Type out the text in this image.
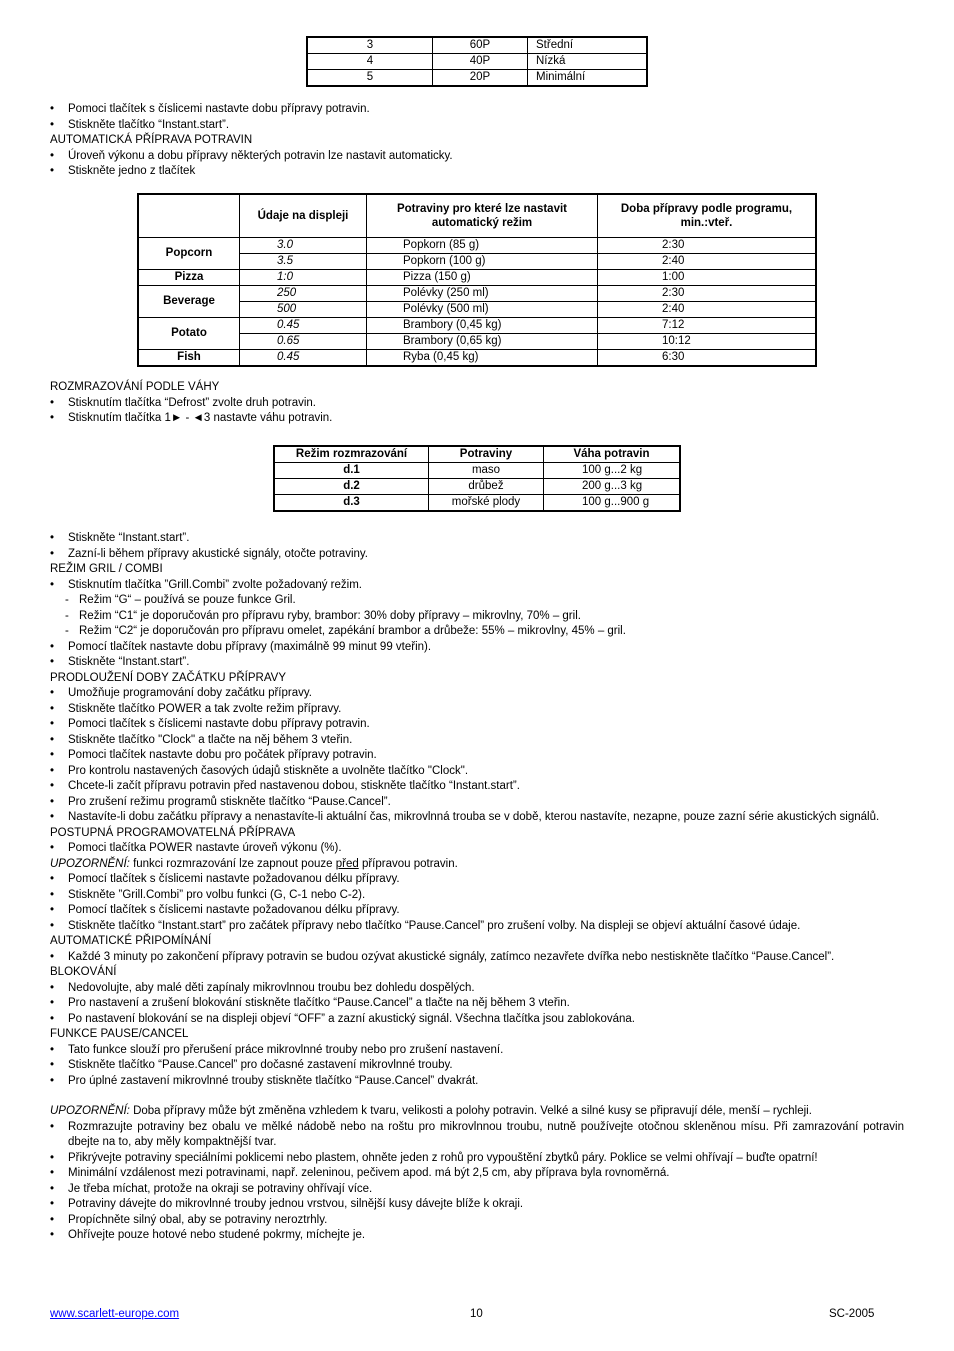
3	60P	Střední
4	40P	Nízká
5	20P	Minimální
• Pomoci tlačítek s číslicemi nastavte dobu přípravy potravin.
• Stiskněte tlačítko “Instant.start”.

AUTOMATICKÁ PŘÍPRAVA POTRAVIN

• Úroveň výkonu a dobu přípravy některých potravin lze nastavit automaticky.
• Stiskněte jedno z tlačítek
	Údaje na displeji	Potraviny pro které lze nastavit automatický režim	Doba přípravy podle programu, min.:vteř.
Popcorn	3.0	Popkorn (85 g)	2:30
	3.5	Popkorn (100 g)	2:40
Pizza	1:0	Pizza (150 g)	1:00
Beverage	250	Polévky (250 ml)	2:30
	500	Polévky (500 ml)	2:40
Potato	0.45	Brambory (0,45 kg)	7:12
	0.65	Brambory (0,65 kg)	10:12
Fish	0.45	Ryba (0,45 kg)	6:30

ROZMRAZOVÁNÍ PODLE VÁHY

• Stisknutím tlačítka “Defrost” zvolte druh potravin.
• Stisknutím tlačítka 1► - ◄3 nastavte váhu potravin.
Režim rozmrazování	Potraviny	Váha potravin
d.1	maso	100 g...2 kg
d.2	drůbež	200 g...3 kg
d.3	mořské plody	100 g...900 g
• Stiskněte “Instant.start”.
• Zazní-li během přípravy akustické signály, otočte potraviny.

REŽIM GRIL / COMBI

• Stisknutím tlačítka ”Grill.Combi” zvolte požadovaný režim.
- Režim “G“ – používá se pouze funkce Gril.
- Režim “C1“ je doporučován pro přípravu ryby, brambor: 30% doby přípravy – mikrovlny, 70% – gril.
- Režim “C2“ je doporučován pro přípravu omelet, zapékání brambor a drůbeže: 55% – mikrovlny, 45% – gril.
• Pomocí tlačítek nastavte dobu přípravy (maximálně 99 minut 99 vteřin).
• Stiskněte “Instant.start”.

PRODLOUŽENÍ DOBY ZAČÁTKU PŘÍPRAVY

• Umožňuje programování doby začátku přípravy.
• Stiskněte tlačítko POWER a tak zvolte režim přípravy.
• Pomoci tlačítek s číslicemi nastavte dobu přípravy potravin.
• Stiskněte tlačítko "Clock" a tlačte na něj během 3 vteřin.
• Pomoci tlačítek nastavte dobu pro počátek přípravy potravin.
• Pro kontrolu nastavených časových údajů stiskněte a uvolněte tlačítko "Clock".
• Chcete-li začít přípravu potravin před nastavenou dobou, stiskněte tlačítko “Instant.start”.
• Pro zrušení režimu programů stiskněte tlačítko “Pause.Cancel”.
• Nastavíte-li dobu začátku přípravy a nenastavíte-li aktuální čas, mikrovlnná trouba se v době, kterou nastavíte, nezapne, pouze zazní série akustických signálů.

POSTUPNÁ PROGRAMOVATELNÁ PŘÍPRAVA

• Pomoci tlačítka POWER nastavte úroveň výkonu (%).

UPOZORNĚNÍ: funkci rozmrazování lze zapnout pouze před přípravou potravin.

• Pomocí tlačítek s číslicemi nastavte požadovanou délku přípravy.
• Stiskněte ”Grill.Combi” pro volbu funkci (G, C-1 nebo C-2).
• Pomocí tlačítek s číslicemi nastavte požadovanou délku přípravy.
• Stiskněte tlačítko “Instant.start” pro začátek přípravy nebo tlačítko “Pause.Cancel” pro zrušení volby. Na displeji se objeví aktuální časové údaje.

AUTOMATICKÉ PŘIPOMÍNÁNÍ

• Každé 3 minuty po zakončení přípravy potravin se budou ozývat akustické signály, zatímco nezavřete dvířka nebo nestiskněte tlačítko “Pause.Cancel”.

BLOKOVÁNÍ

• Nedovolujte, aby malé děti zapínaly mikrovlnnou troubu bez dohledu dospělých.
• Pro nastavení a zrušení blokování stiskněte tlačítko “Pause.Cancel” a tlačte na něj během 3 vteřin.
• Po nastavení blokování se na displeji objeví “OFF” a zazní akustický signál. Všechna tlačítka jsou zablokována.

FUNKCE PAUSE/CANCEL

• Tato funkce slouží pro přerušení práce mikrovlnné trouby nebo pro zrušení nastavení.
• Stiskněte tlačítko “Pause.Cancel” pro dočasné zastavení mikrovlnné trouby.
• Pro úplné zastavení mikrovlnné trouby stiskněte tlačítko “Pause.Cancel” dvakrát.

UPOZORNĚNÍ: Doba přípravy může být změněna vzhledem k tvaru, velikosti a polohy potravin. Velké a silné kusy se připravují déle, menší – rychleji.

• Rozmrazujte potraviny bez obalu ve mělké nádobě nebo na roštu pro mikrovlnnou troubu, nutně používejte otočnou skleněnou mísu. Při zamrazování potravin dbejte na to, aby měly kompaktnější tvar.
• Přikrývejte potraviny speciálními poklicemi nebo plastem, ohněte jeden z rohů pro vypouštění zbytků páry. Poklice se velmi ohřívají – buďte opatrní!
• Minimální vzdálenost mezi potravinami, např. zeleninou, pečivem apod. má být 2,5 cm, aby příprava byla rovnoměrná.
• Je třeba míchat, protože na okraji se potraviny ohřívají více.
• Potraviny dávejte do mikrovlnné trouby jednou vrstvou, silnější kusy dávejte blíže k okraji.
• Propíchněte silný obal, aby se potraviny neroztrhly.
• Ohřívejte pouze hotové nebo studené pokrmy, míchejte je.
www.scarlett-europe.com	10	SC-2005
